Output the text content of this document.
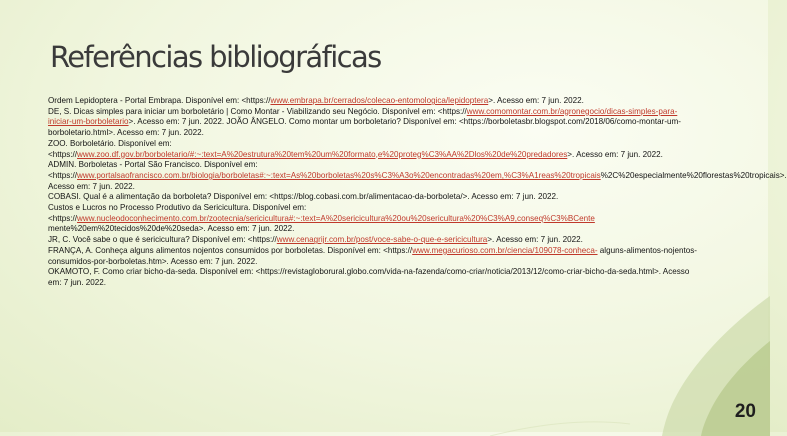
Referências bibliográficas
Ordem Lepidoptera - Portal Embrapa. Disponível em: <https://www.embrapa.br/cerrados/colecao-entomologica/lepidoptera>. Acesso em: 7 jun. 2022.
DE, S. Dicas simples para iniciar um borboletário | Como Montar - Viabilizando seu Negócio. Disponível em: <https://www.comomontar.com.br/agronegocio/dicas-simples-para-iniciar-um-borboletario>. Acesso em: 7 jun. 2022. JOÃO ÂNGELO. Como montar um borboletario? Disponível em: <https://borboletasbr.blogspot.com/2018/06/como-montar-um-borboletario.html>. Acesso em: 7 jun. 2022.
ZOO. Borboletário. Disponível em: <https://www.zoo.df.gov.br/borboletario/#:~:text=A%20estrutura%20tem%20um%20formato,e%20proteg%C3%AA%2Dlos%20de%20predadores>. Acesso em: 7 jun. 2022.
ADMIN. Borboletas - Portal São Francisco. Disponível em: <https://www.portalsaofrancisco.com.br/biologia/borboletas#:~:text=As%20borboletas%20s%C3%A3o%20encontradas%20em,%C3%A1reas%20tropicais%2C%20especialmente%20florestas%20tropicais>. Acesso em: 7 jun. 2022.
COBASI. Qual é a alimentação da borboleta? Disponível em: <https://blog.cobasi.com.br/alimentacao-da-borboleta/>. Acesso em: 7 jun. 2022.
Custos e Lucros no Processo Produtivo da Sericicultura. Disponível em: <https://www.nucleodoconhecimento.com.br/zootecnia/sericicultura#:~:text=A%20sericicultura%20ou%20sericultura%20%C3%A9,conseq%C3%BCente mente%20em%20tecidos%20de%20seda>. Acesso em: 7 jun. 2022.
JR, C. Você sabe o que é sericicultura? Disponível em: <https://www.cenagrijr.com.br/post/voce-sabe-o-que-e-sericicultura>. Acesso em: 7 jun. 2022.
FRANÇA, A. Conheça alguns alimentos nojentos consumidos por borboletas. Disponível em: <https://www.megacurioso.com.br/ciencia/109078-conheca- alguns-alimentos-nojentos-consumidos-por-borboletas.htm>. Acesso em: 7 jun. 2022.
OKAMOTO, F. Como criar bicho-da-seda. Disponível em: <https://revistagloborural.globo.com/vida-na-fazenda/como-criar/noticia/2013/12/como-criar-bicho-da-seda.html>. Acesso em: 7 jun. 2022.
20
